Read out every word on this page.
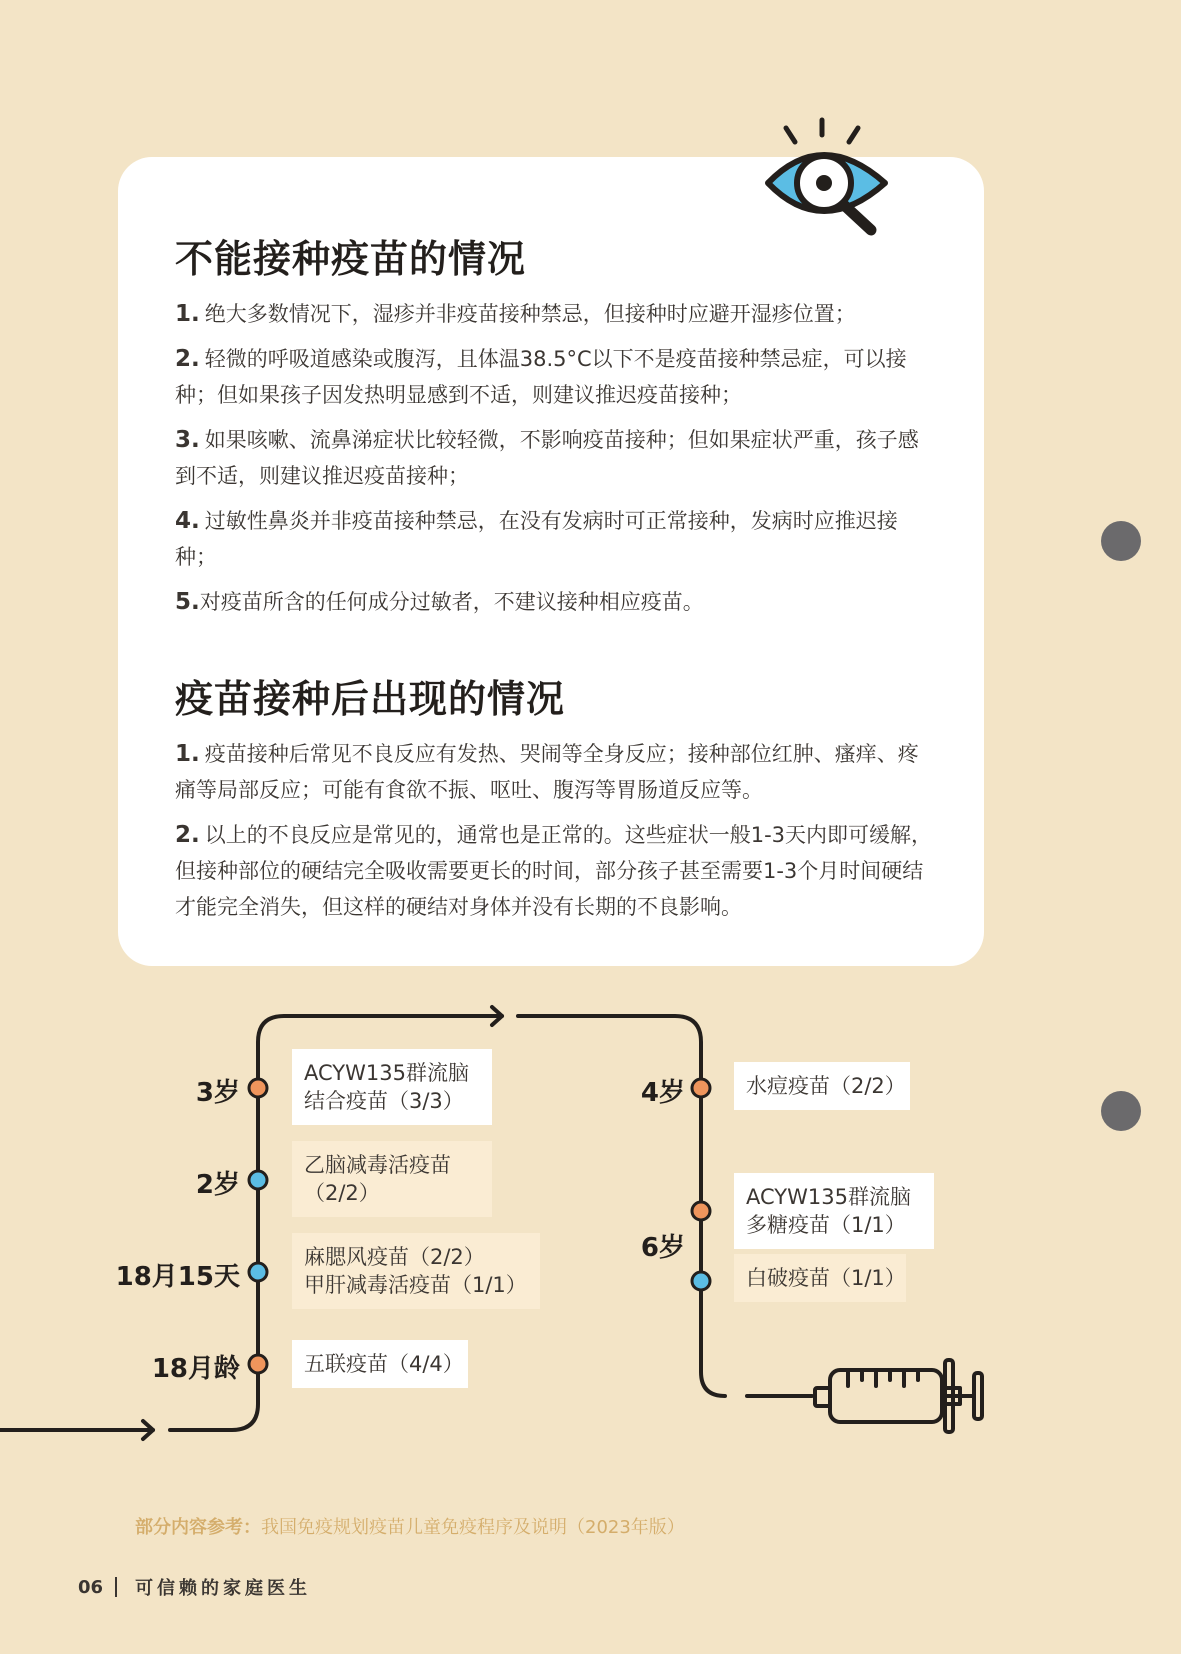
不能接种疫苗的情况
1. 绝大多数情况下，湿疹并非疫苗接种禁忌，但接种时应避开湿疹位置；
2. 轻微的呼吸道感染或腹泻，且体温38.5°C以下不是疫苗接种禁忌症，可以接种；但如果孩子因发热明显感到不适，则建议推迟疫苗接种；
3. 如果咳嗽、流鼻涕症状比较轻微，不影响疫苗接种；但如果症状严重，孩子感到不适，则建议推迟疫苗接种；
4. 过敏性鼻炎并非疫苗接种禁忌，在没有发病时可正常接种，发病时应推迟接种；
5.对疫苗所含的任何成分过敏者，不建议接种相应疫苗。
疫苗接种后出现的情况
1. 疫苗接种后常见不良反应有发热、哭闹等全身反应；接种部位红肿、瘙痒、疼痛等局部反应；可能有食欲不振、呕吐、腹泻等胃肠道反应等。
2. 以上的不良反应是常见的，通常也是正常的。这些症状一般1-3天内即可缓解，但接种部位的硬结完全吸收需要更长的时间，部分孩子甚至需要1-3个月时间硬结才能完全消失，但这样的硬结对身体并没有长期的不良影响。
3岁
2岁
18月15天
18月龄
4岁
6岁
ACYW135群流脑
结合疫苗（3/3）
乙脑减毒活疫苗
（2/2）
麻腮风疫苗（2/2）
甲肝减毒活疫苗（1/1）
五联疫苗（4/4）
水痘疫苗（2/2）
ACYW135群流脑
多糖疫苗（1/1）
白破疫苗（1/1）
部分内容参考：我国免疫规划疫苗儿童免疫程序及说明（2023年版）
06 可信赖的家庭医生
